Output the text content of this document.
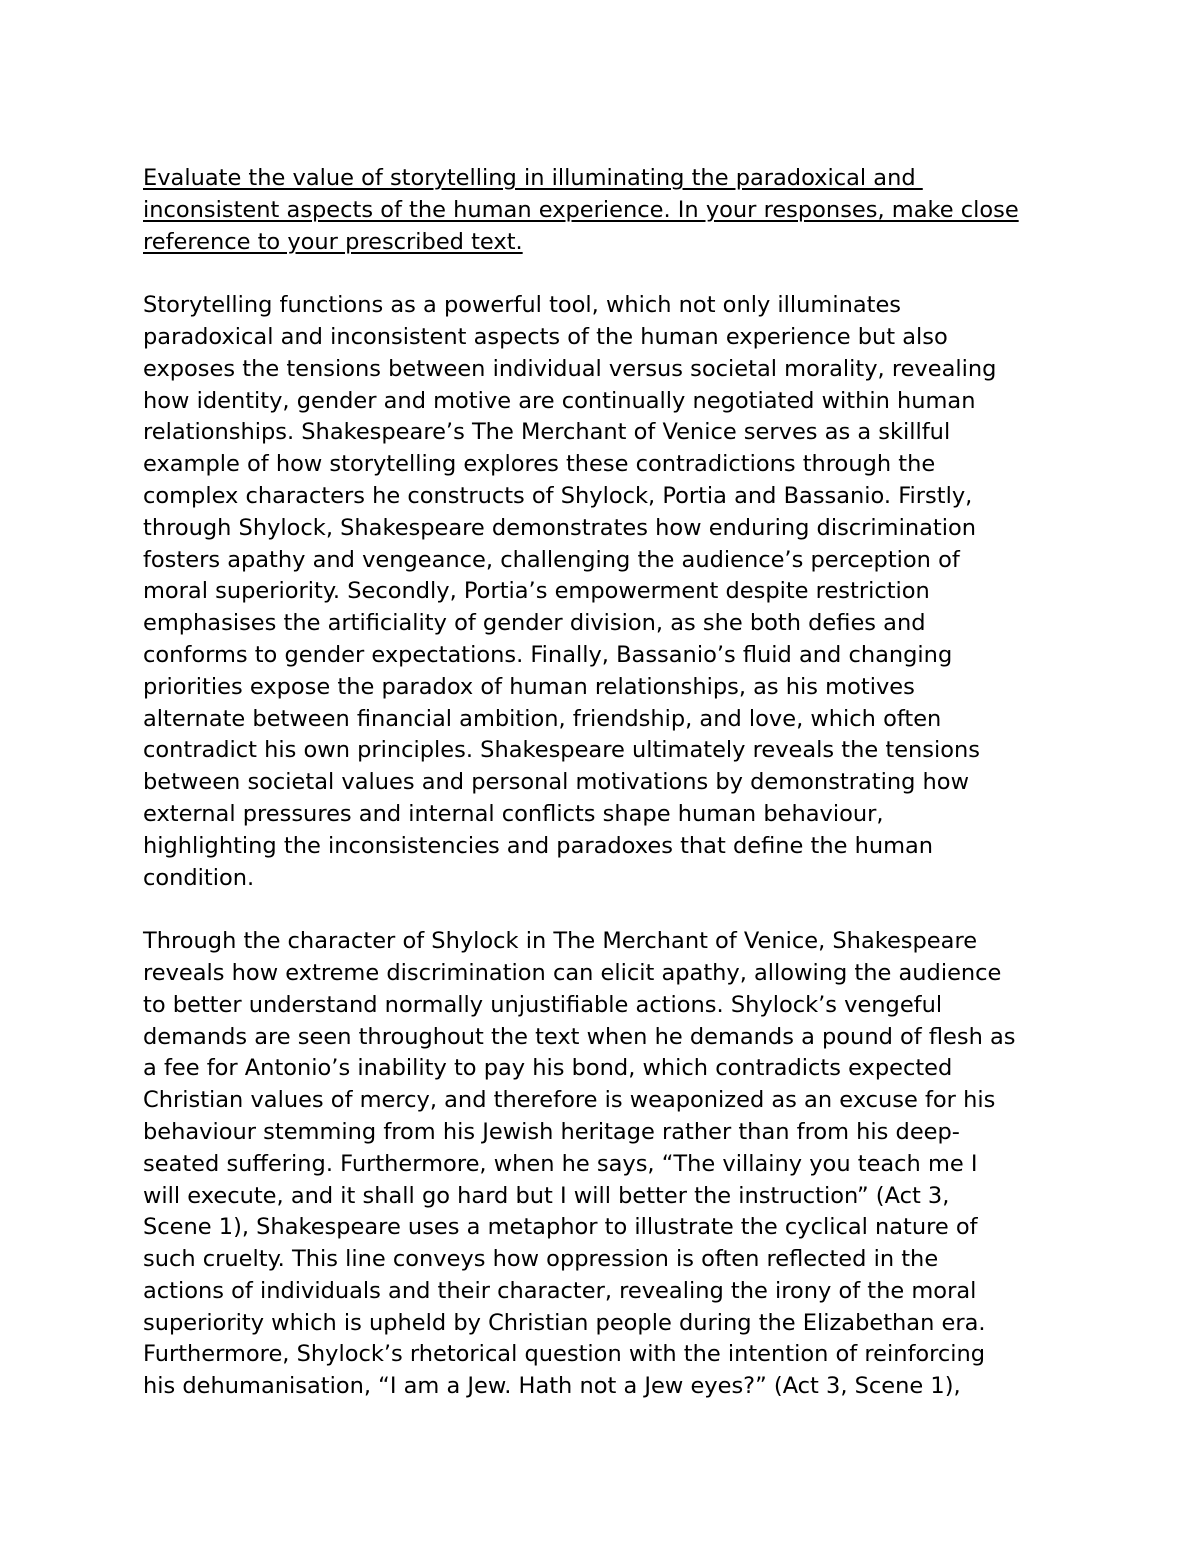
Evaluate the value of storytelling in illuminating the paradoxical and
inconsistent aspects of the human experience. In your responses, make close
reference to your prescribed text.
Storytelling functions as a powerful tool, which not only illuminates
paradoxical and inconsistent aspects of the human experience but also
exposes the tensions between individual versus societal morality, revealing
how identity, gender and motive are continually negotiated within human
relationships. Shakespeare’s The Merchant of Venice serves as a skillful
example of how storytelling explores these contradictions through the
complex characters he constructs of Shylock, Portia and Bassanio. Firstly,
through Shylock, Shakespeare demonstrates how enduring discrimination
fosters apathy and vengeance, challenging the audience’s perception of
moral superiority. Secondly, Portia’s empowerment despite restriction
emphasises the artificiality of gender division, as she both defies and
conforms to gender expectations. Finally, Bassanio’s fluid and changing
priorities expose the paradox of human relationships, as his motives
alternate between financial ambition, friendship, and love, which often
contradict his own principles. Shakespeare ultimately reveals the tensions
between societal values and personal motivations by demonstrating how
external pressures and internal conflicts shape human behaviour,
highlighting the inconsistencies and paradoxes that define the human
condition.
Through the character of Shylock in The Merchant of Venice, Shakespeare
reveals how extreme discrimination can elicit apathy, allowing the audience
to better understand normally unjustifiable actions. Shylock’s vengeful
demands are seen throughout the text when he demands a pound of flesh as
a fee for Antonio’s inability to pay his bond, which contradicts expected
Christian values of mercy, and therefore is weaponized as an excuse for his
behaviour stemming from his Jewish heritage rather than from his deep-
seated suffering. Furthermore, when he says, “The villainy you teach me I
will execute, and it shall go hard but I will better the instruction” (Act 3,
Scene 1), Shakespeare uses a metaphor to illustrate the cyclical nature of
such cruelty. This line conveys how oppression is often reflected in the
actions of individuals and their character, revealing the irony of the moral
superiority which is upheld by Christian people during the Elizabethan era.
Furthermore, Shylock’s rhetorical question with the intention of reinforcing
his dehumanisation, “I am a Jew. Hath not a Jew eyes?” (Act 3, Scene 1),
